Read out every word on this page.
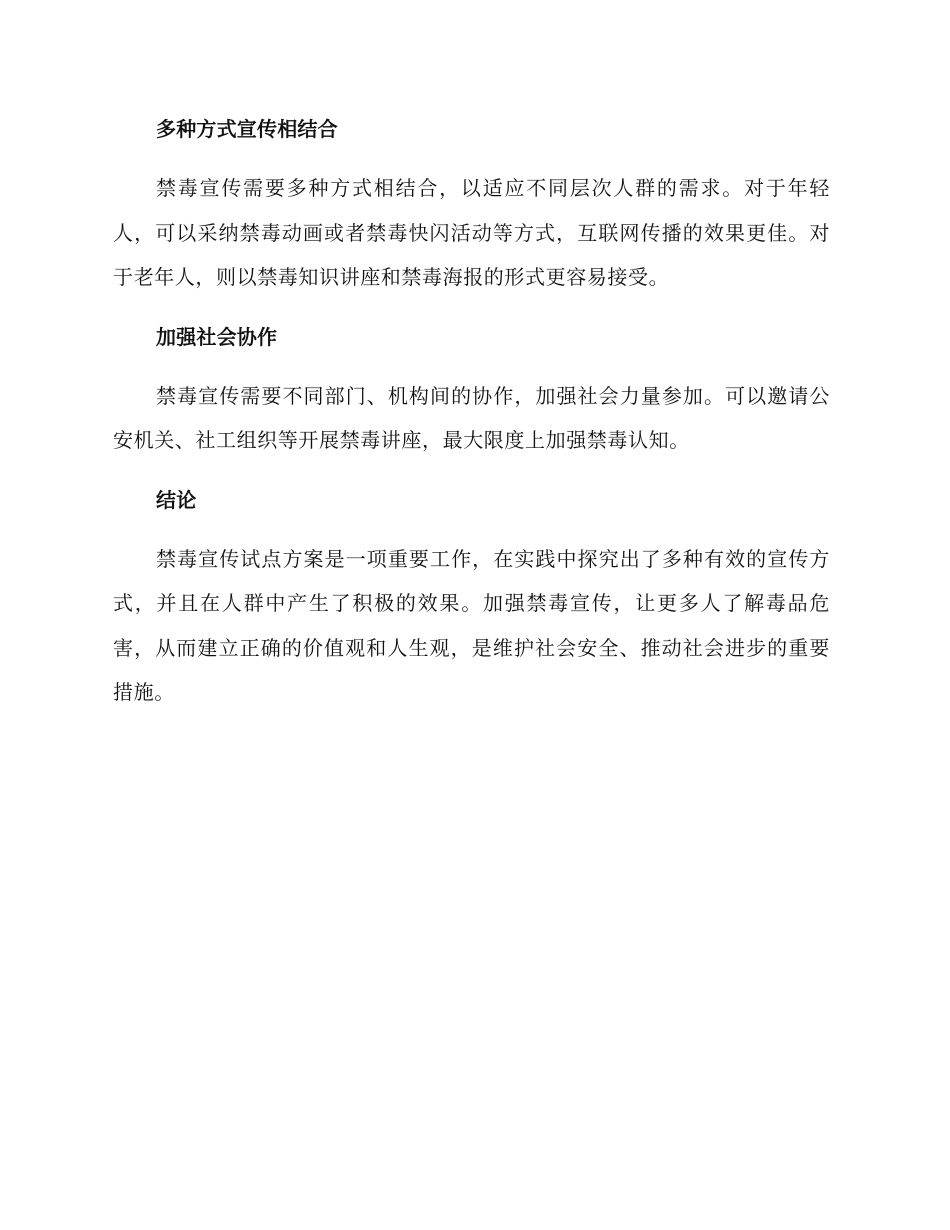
多种方式宣传相结合

禁毒宣传需要多种方式相结合，以适应不同层次人群的需求。对于年轻人，可以采纳禁毒动画或者禁毒快闪活动等方式，互联网传播的效果更佳。对于老年人，则以禁毒知识讲座和禁毒海报的形式更容易接受。

加强社会协作

禁毒宣传需要不同部门、机构间的协作，加强社会力量参加。可以邀请公安机关、社工组织等开展禁毒讲座，最大限度上加强禁毒认知。

结论

禁毒宣传试点方案是一项重要工作，在实践中探究出了多种有效的宣传方式，并且在人群中产生了积极的效果。加强禁毒宣传，让更多人了解毒品危害，从而建立正确的价值观和人生观，是维护社会安全、推动社会进步的重要措施。
